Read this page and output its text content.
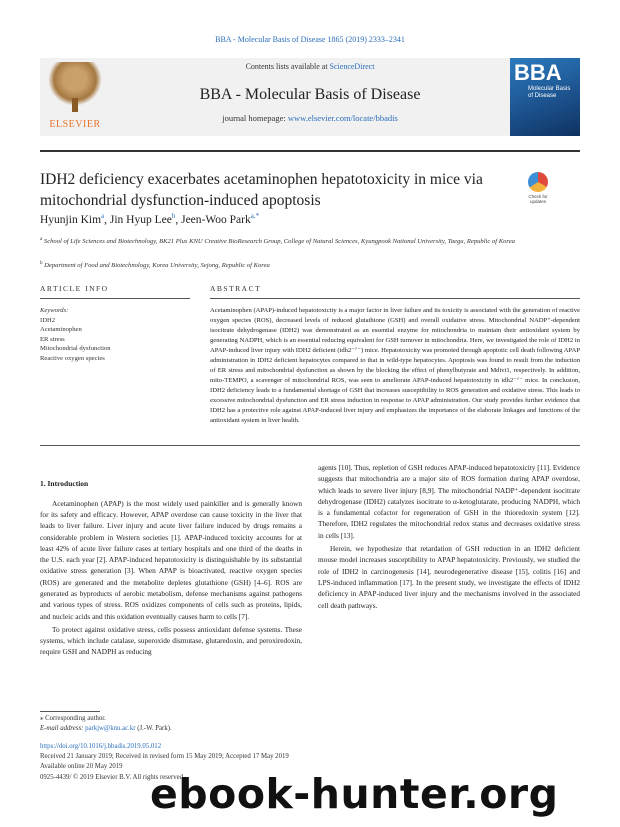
BBA - Molecular Basis of Disease 1865 (2019) 2333–2341
ELSEVIER
Contents lists available at ScienceDirect
BBA - Molecular Basis of Disease
journal homepage: www.elsevier.com/locate/bbadis
BBA
Molecular Basis of Disease
IDH2 deficiency exacerbates acetaminophen hepatotoxicity in mice via mitochondrial dysfunction-induced apoptosis	Check for updates
Hyunjin Kim$^a$, Jin Hyup Lee$^b$, Jeen-Woo Park$^{a,*}$
$^a$ School of Life Sciences and Biotechnology, BK21 Plus KNU Creative BioResearch Group, College of Natural Sciences, Kyungpook National University, Taegu, Republic of Korea
$^b$ Department of Food and Biotechnology, Korea University, Sejong, Republic of Korea
ARTICLE INFO	ABSTRACT
Keywords:
IDH2
Acetaminophen
ER stress
Mitochondrial dysfunction
Reactive oxygen species
Acetaminophen (APAP)-induced hepatotoxicity is a major factor in liver failure and its toxicity is associated with the generation of reactive oxygen species (ROS), decreased levels of reduced glutathione (GSH) and overall oxidative stress. Mitochondrial NADP⁺-dependent isocitrate dehydrogenase (IDH2) was demonstrated as an essential enzyme for mitochondria to maintain their antioxidant system by generating NADPH, which is an essential reducing equivalent for GSH turnover in mitochondria. Here, we investigated the role of IDH2 in APAP-induced liver injury with IDH2 deficient (idh2⁻ᐟ⁻) mice. Hepatotoxicity was promoted through apoptotic cell death following APAP administration in IDH2 deficient hepatocytes compared to that in wild-type hepatocytes. Apoptosis was found to result from the induction of ER stress and mitochondrial dysfunction as shown by the blocking the effect of phenylbutyrate and Mdivi1, respectively. In addition, mito-TEMPO, a scavenger of mitochondrial ROS, was seen to ameliorate APAP-induced hepatotoxicity in idh2⁻ᐟ⁻ mice. In conclusion, IDH2 deficiency leads to a fundamental shortage of GSH that increases susceptibility to ROS generation and oxidative stress. This leads to excessive mitochondrial dysfunction and ER stress induction in response to APAP administration. Our study provides further evidence that IDH2 has a protective role against APAP-induced liver injury and emphasizes the importance of the elaborate linkages and functions of the antioxidant system in liver health.

1. Introduction

Acetaminophen (APAP) is the most widely used painkiller and is generally known for its safety and efficacy. However, APAP overdose can cause toxicity in the liver that leads to liver failure. Liver injury and acute liver failure induced by drugs remains a considerable problem in Western societies [1]. APAP-induced toxicity accounts for at least 42% of acute liver failure cases at tertiary hospitals and one third of the deaths in the U.S. each year [2]. APAP-induced hepatotoxicity is distinguishable by its substantial oxidative stress generation [3]. When APAP is bioactivated, reactive oxygen species (ROS) are generated and the metabolite depletes glutathione (GSH) [4–6]. ROS are generated as byproducts of aerobic metabolism, defense mechanisms against pathogens and various types of stress. ROS oxidizes components of cells such as proteins, lipids, and nucleic acids and this oxidation eventually causes harm to cells [7].

To protect against oxidative stress, cells possess antioxidant defense systems. These systems, which include catalase, superoxide dismutase, glutaredoxin, and peroxiredoxin, require GSH and NADPH as reducing

agents [10]. Thus, repletion of GSH reduces APAP-induced hepatotoxicity [11]. Evidence suggests that mitochondria are a major site of ROS formation during APAP overdose, which leads to severe liver injury [8,9]. The mitochondrial NADP⁺-dependent isocitrate dehydrogenase (IDH2) catalyzes isocitrate to α-ketoglutarate, producing NADPH, which is a fundamental cofactor for regeneration of GSH in the thioredoxin system [12]. Therefore, IDH2 regulates the mitochondrial redox status and decreases oxidative stress in cells [13].

Herein, we hypothesize that retardation of GSH reduction in an IDH2 deficient mouse model increases susceptibility to APAP hepatotoxicity. Previously, we studied the role of IDH2 in carcinogenesis [14], neurodegenerative disease [15], colitis [16] and LPS-induced inflammation [17]. In the present study, we investigate the effects of IDH2 deficiency in APAP-induced liver injury and the mechanisms involved in the associated cell death pathways.

⁎ Corresponding author.
E-mail address: parkjw@knu.ac.kr (J.-W. Park).
https://doi.org/10.1016/j.bbadis.2019.05.012
Received 21 January 2019; Received in revised form 15 May 2019; Accepted 17 May 2019
Available online 20 May 2019
0925-4439/ © 2019 Elsevier B.V. All rights reserved.
ebook-hunter.org
